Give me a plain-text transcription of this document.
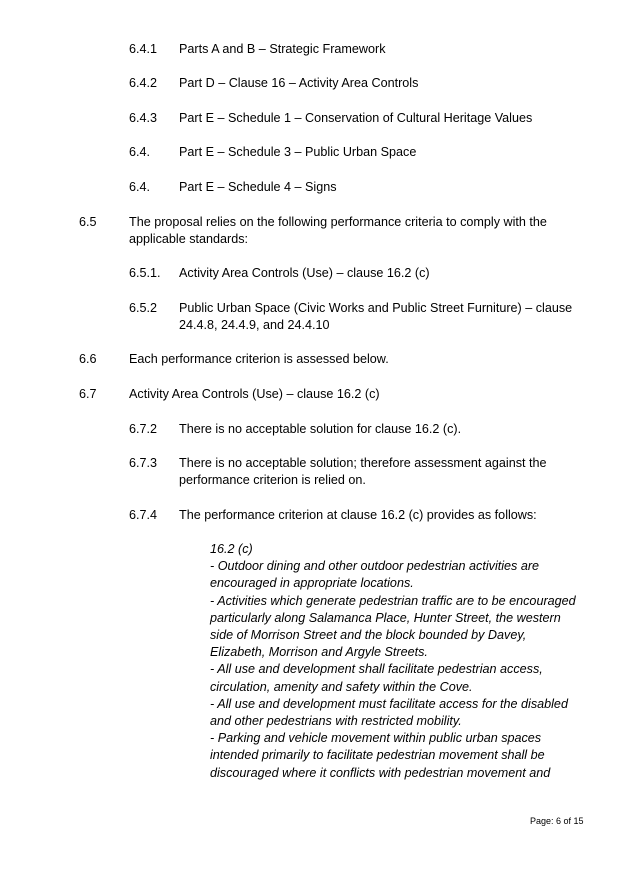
6.4.1 Parts A and B – Strategic Framework
6.4.2 Part D – Clause 16 – Activity Area Controls
6.4.3 Part E – Schedule 1 – Conservation of Cultural Heritage Values
6.4. Part E – Schedule 3 – Public Urban Space
6.4. Part E – Schedule 4 – Signs
6.5	The proposal relies on the following performance criteria to comply with the
applicable standards:
6.5.1. Activity Area Controls (Use) – clause 16.2 (c)
6.5.2 Public Urban Space (Civic Works and Public Street Furniture) – clause
24.4.8, 24.4.9, and 24.4.10
6.6	Each performance criterion is assessed below.
6.7	Activity Area Controls (Use) – clause 16.2 (c)
6.7.2 There is no acceptable solution for clause 16.2 (c).
6.7.3 There is no acceptable solution; therefore assessment against the
performance criterion is relied on.
6.7.4 The performance criterion at clause 16.2 (c) provides as follows:
16.2 (c)
- Outdoor dining and other outdoor pedestrian activities are
encouraged in appropriate locations.
- Activities which generate pedestrian traffic are to be encouraged
particularly along Salamanca Place, Hunter Street, the western
side of Morrison Street and the block bounded by Davey,
Elizabeth, Morrison and Argyle Streets.
- All use and development shall facilitate pedestrian access,
circulation, amenity and safety within the Cove.
- All use and development must facilitate access for the disabled
and other pedestrians with restricted mobility.
- Parking and vehicle movement within public urban spaces
intended primarily to facilitate pedestrian movement shall be
discouraged where it conflicts with pedestrian movement and
Page: 6 of 15
